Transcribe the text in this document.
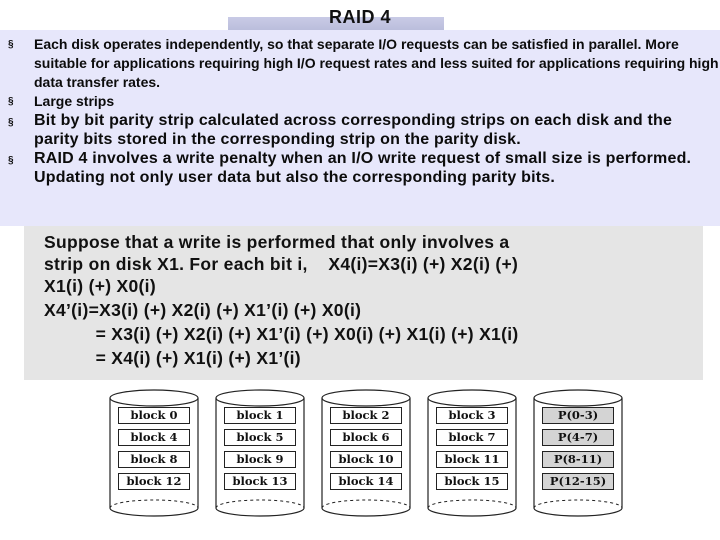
RAID 4
§ Each disk operates independently, so that separate I/O requests can be satisfied in parallel. More suitable for applications requiring high I/O request rates and less suited for applications requiring high data transfer rates.
§ Large strips
§ Bit by bit parity strip calculated across corresponding strips on each disk and the parity bits stored in the corresponding strip on the parity disk.
§ RAID 4 involves a write penalty when an I/O write request of small size is performed. Updating not only user data but also the corresponding parity bits.
Suppose that a write is performed that only involves a
strip on disk X1. For each bit i,    X4(i)=X3(i) (+) X2(i) (+)
X1(i) (+) X0(i)
X4’(i)=X3(i) (+) X2(i) (+) X1’(i) (+) X0(i)
= X3(i) (+) X2(i) (+) X1’(i) (+) X0(i) (+) X1(i) (+) X1(i)
= X4(i) (+) X1(i) (+) X1’(i)
block 0
block 4
block 8
block 12
block 1
block 5
block 9
block 13
block 2
block 6
block 10
block 14
block 3
block 7
block 11
block 15
P(0-3)
P(4-7)
P(8-11)
P(12-15)
